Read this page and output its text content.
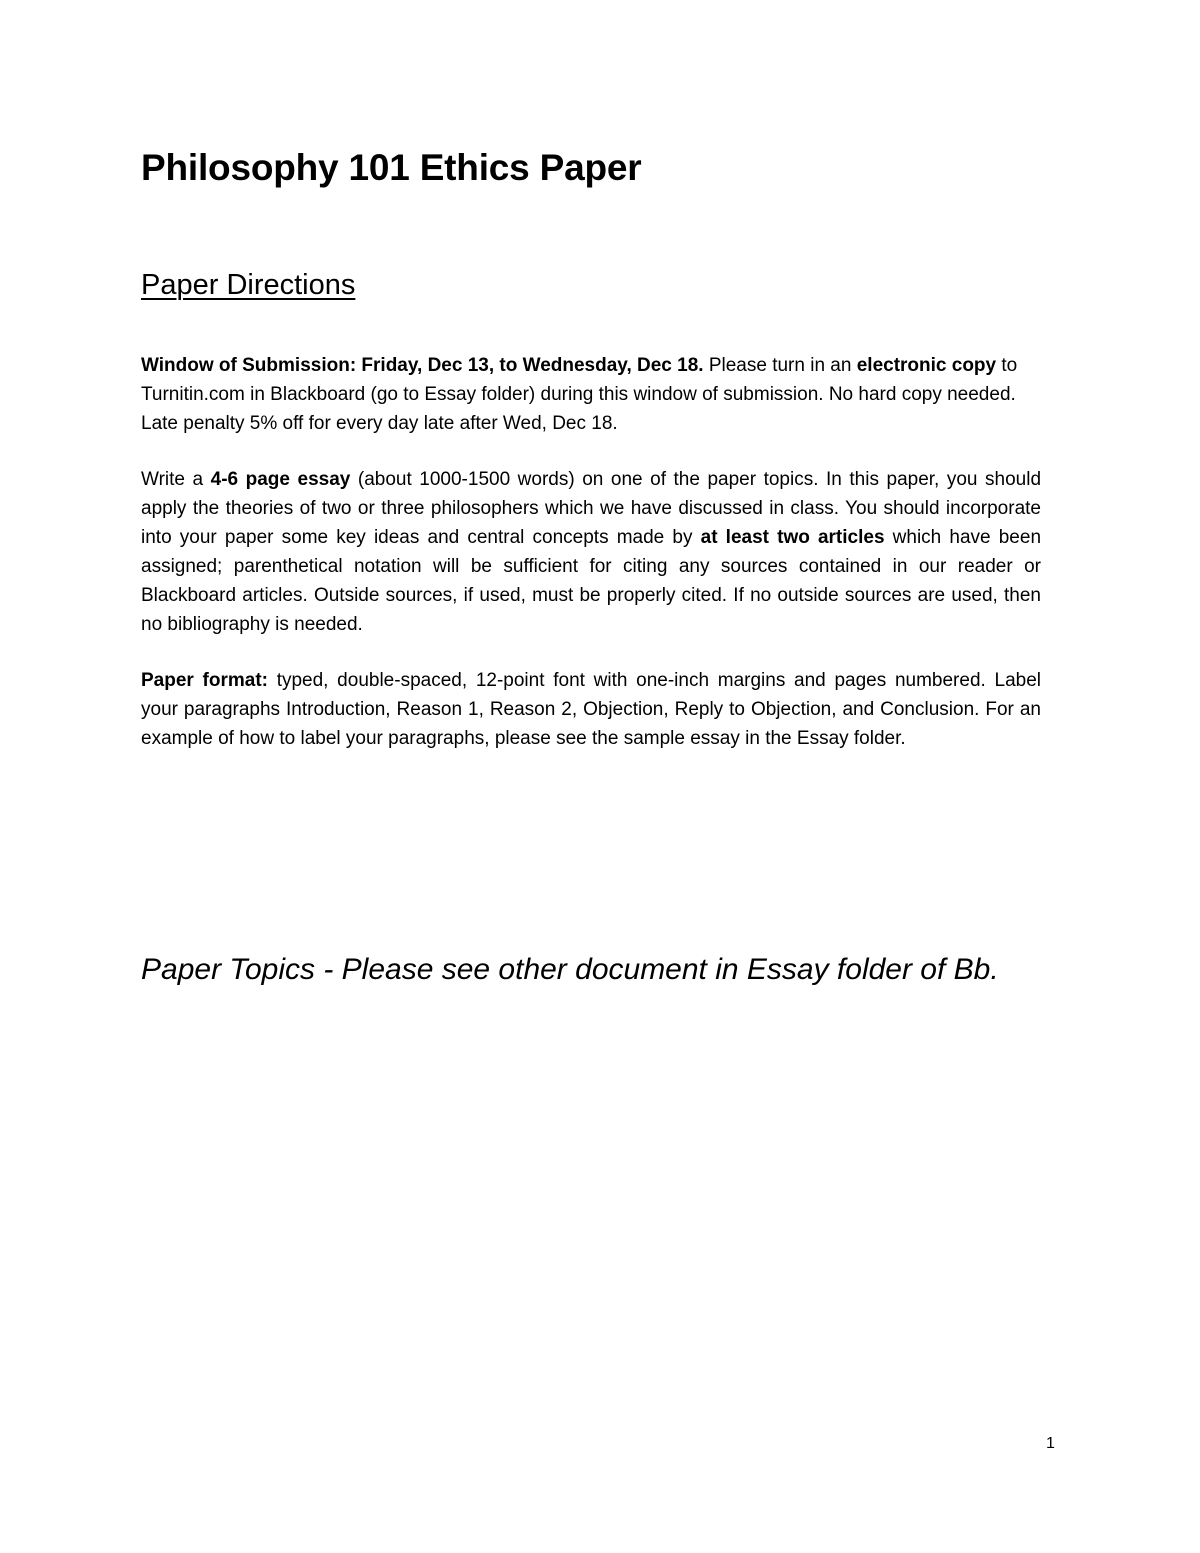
Philosophy 101 Ethics Paper
Paper Directions

Window of Submission: Friday, Dec 13, to Wednesday, Dec 18. Please turn in an electronic copy to Turnitin.com in Blackboard (go to Essay folder) during this window of submission. No hard copy needed. Late penalty 5% off for every day late after Wed, Dec 18.

Write a 4-6 page essay (about 1000-1500 words) on one of the paper topics. In this paper, you should apply the theories of two or three philosophers which we have discussed in class. You should incorporate into your paper some key ideas and central concepts made by at least two articles which have been assigned; parenthetical notation will be sufficient for citing any sources contained in our reader or Blackboard articles. Outside sources, if used, must be properly cited. If no outside sources are used, then no bibliography is needed.

Paper format: typed, double-spaced, 12-point font with one-inch margins and pages numbered. Label your paragraphs Introduction, Reason 1, Reason 2, Objection, Reply to Objection, and Conclusion. For an example of how to label your paragraphs, please see the sample essay in the Essay folder.

Paper Topics - Please see other document in Essay folder of Bb.

1
